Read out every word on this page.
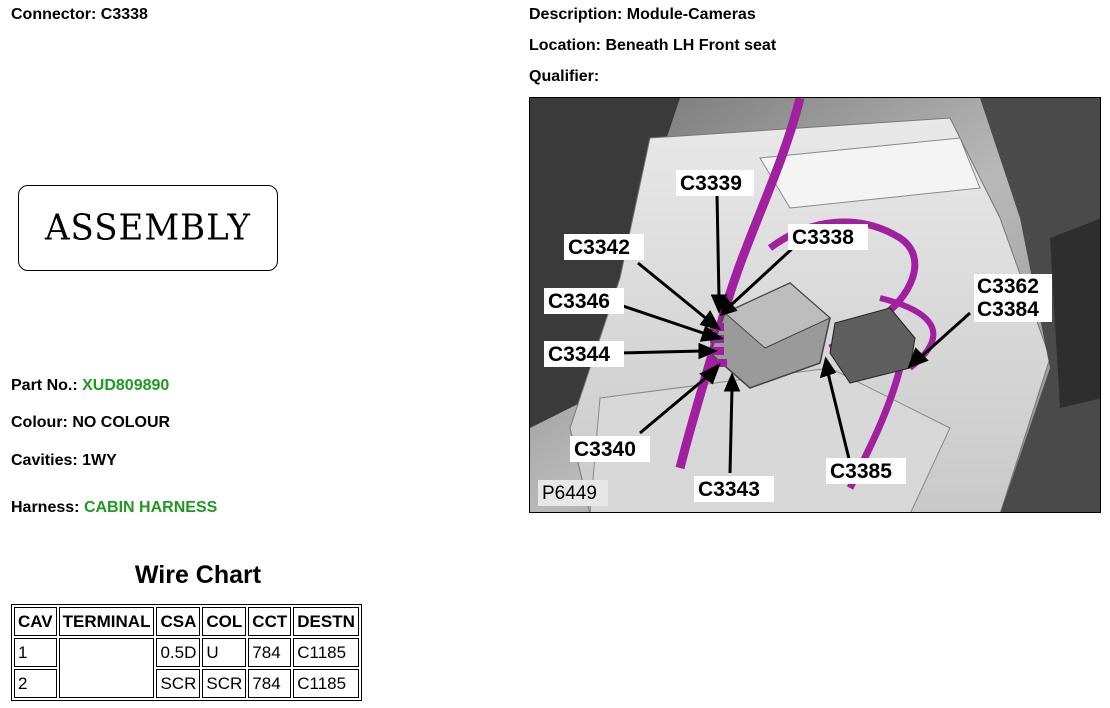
Connector: C3338	Description: Module-Cameras
Location: Beneath LH Front seat
Qualifier:
ASSEMBLY
Part No.: XUD809890
Colour: NO COLOUR
Cavities: 1WY
Harness: CABIN HARNESS
Wire Chart
CAV	TERMINAL	CSA	COL	CCT	DESTN
1		0.5D	U	784	C1185
2		SCR	SCR	784	C1185
C3339
C3338
C3342
C3346
C3344
C3340
C3343
C3362
C3384
C3385
P6449
